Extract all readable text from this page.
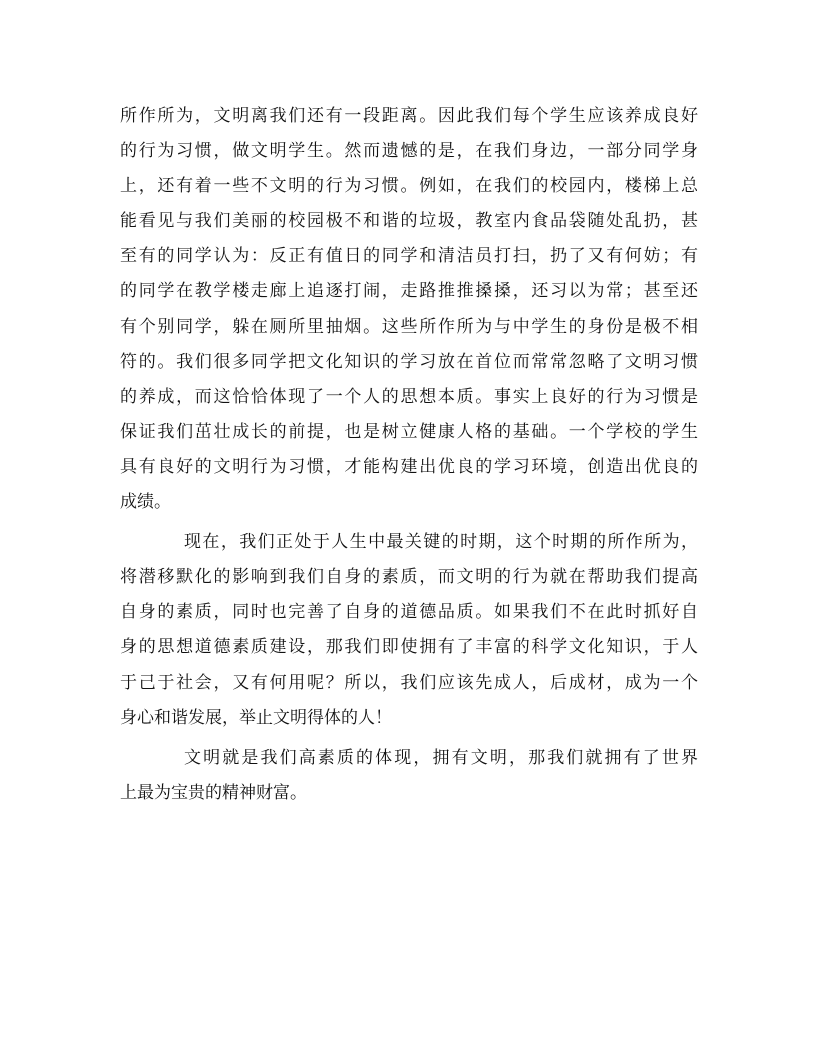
所作所为，文明离我们还有一段距离。因此我们每个学生应该养成良好
的行为习惯，做文明学生。然而遗憾的是，在我们身边，一部分同学身
上，还有着一些不文明的行为习惯。例如，在我们的校园内，楼梯上总
能看见与我们美丽的校园极不和谐的垃圾，教室内食品袋随处乱扔，甚
至有的同学认为：反正有值日的同学和清洁员打扫，扔了又有何妨；有
的同学在教学楼走廊上追逐打闹，走路推推搡搡，还习以为常；甚至还
有个别同学，躲在厕所里抽烟。这些所作所为与中学生的身份是极不相
符的。我们很多同学把文化知识的学习放在首位而常常忽略了文明习惯
的养成，而这恰恰体现了一个人的思想本质。事实上良好的行为习惯是
保证我们茁壮成长的前提，也是树立健康人格的基础。一个学校的学生
具有良好的文明行为习惯，才能构建出优良的学习环境，创造出优良的
成绩。
现在，我们正处于人生中最关键的时期，这个时期的所作所为，
将潜移默化的影响到我们自身的素质，而文明的行为就在帮助我们提高
自身的素质，同时也完善了自身的道德品质。如果我们不在此时抓好自
身的思想道德素质建设，那我们即使拥有了丰富的科学文化知识，于人
于己于社会，又有何用呢？所以，我们应该先成人，后成材，成为一个
身心和谐发展，举止文明得体的人！
文明就是我们高素质的体现，拥有文明，那我们就拥有了世界
上最为宝贵的精神财富。
